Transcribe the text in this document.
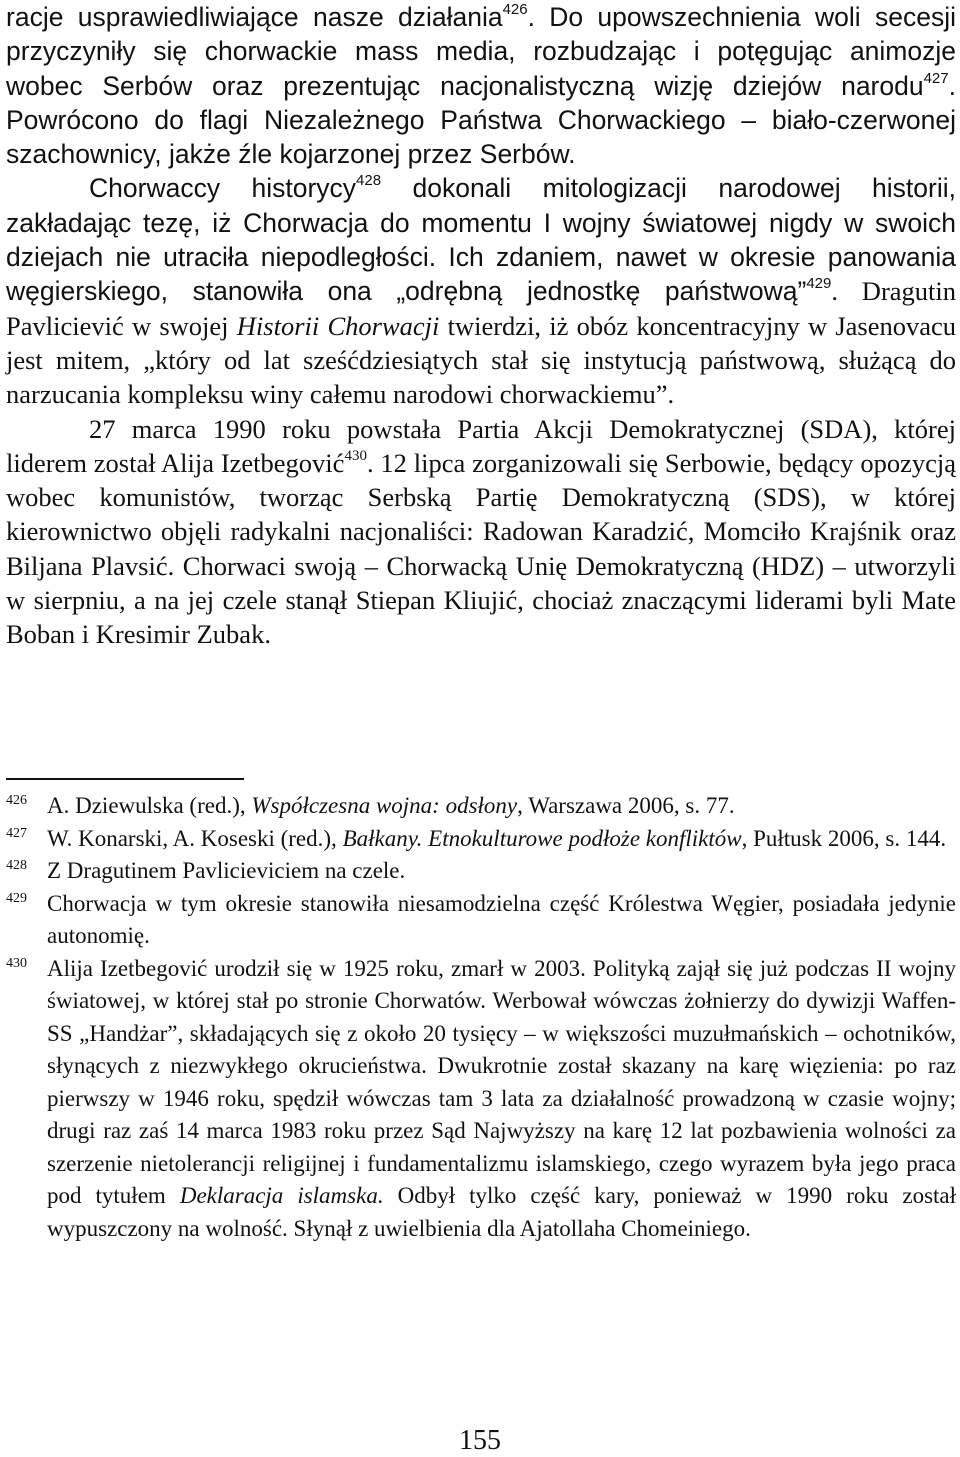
racje usprawiedliwiające nasze działania$^{426}$. Do upowszechnienia woli secesji przyczyniły się chorwackie mass media, rozbudzając i potęgując animozje wobec Serbów oraz prezentując nacjonalistyczną wizję dziejów narodu$^{427}$. Powrócono do flagi Niezależnego Państwa Chorwackiego – biało-czerwonej szachownicy, jakże źle kojarzonej przez Serbów.
Chorwaccy historycy$^{428}$ dokonali mitologizacji narodowej historii, zakładając tezę, iż Chorwacja do momentu I wojny światowej nigdy w swoich dziejach nie utraciła niepodległości. Ich zdaniem, nawet w okresie panowania węgierskiego, stanowiła ona „odrębną jednostkę państwową”$^{429}$. Dragutin Pavliciević w swojej Historii Chorwacji twierdzi, iż obóz koncentracyjny w Jasenovacu jest mitem, „który od lat sześćdziesiątych stał się instytucją państwową, służącą do narzucania kompleksu winy całemu narodowi chorwackiemu”.

27 marca 1990 roku powstała Partia Akcji Demokratycznej (SDA), której liderem został Alija Izetbegović$^{430}$. 12 lipca zorganizowali się Serbowie, będący opozycją wobec komunistów, tworząc Serbską Partię Demokratyczną (SDS), w której kierownictwo objęli radykalni nacjonaliści: Radowan Karadzić, Momciło Krajśnik oraz Biljana Plavsić. Chorwaci swoją – Chorwacką Unię Demokratyczną (HDZ) – utworzyli w sierpniu, a na jej czele stanął Stiepan Kliujić, chociaż znaczącymi liderami byli Mate Boban i Kresimir Zubak.

426 A. Dziewulska (red.), Współczesna wojna: odsłony, Warszawa 2006, s. 77.
427 W. Konarski, A. Koseski (red.), Bałkany. Etnokulturowe podłoże konfliktów, Pułtusk 2006, s. 144.
428 Z Dragutinem Pavlicieviciem na czele.
429 Chorwacja w tym okresie stanowiła niesamodzielna część Królestwa Węgier, posiadała jedynie autonomię.
430 Alija Izetbegović urodził się w 1925 roku, zmarł w 2003. Polityką zajął się już podczas II wojny światowej, w której stał po stronie Chorwatów. Werbował wówczas żołnierzy do dywizji Waffen-SS „Handżar”, składających się z około 20 tysięcy – w większości muzułmańskich – ochotników, słynących z niezwykłego okrucieństwa. Dwukrotnie został skazany na karę więzienia: po raz pierwszy w 1946 roku, spędził wówczas tam 3 lata za działalność prowadzoną w czasie wojny; drugi raz zaś 14 marca 1983 roku przez Sąd Najwyższy na karę 12 lat pozbawienia wolności za szerzenie nietolerancji religijnej i fundamentalizmu islamskiego, czego wyrazem była jego praca pod tytułem Deklaracja islamska. Odbył tylko część kary, ponieważ w 1990 roku został wypuszczony na wolność. Słynął z uwielbienia dla Ajatollaha Chomeiniego.
155
